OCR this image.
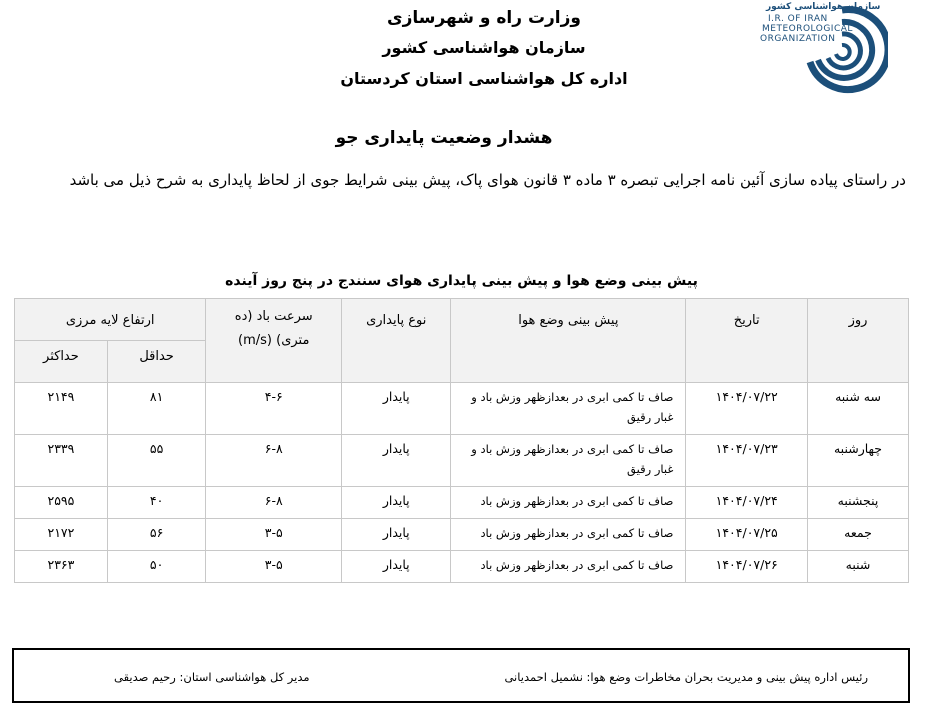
وزارت راه و شهرسازی
سازمان هواشناسی کشور
اداره کل هواشناسی استان کردستان
سازمان هواشناسی کشور
I.R. OF IRAN
METEOROLOGICAL
ORGANIZATION
هشدار وضعیت پایداری جو
در راستای پیاده سازی آئین نامه اجرایی تبصره ۳ ماده ۳ قانون هوای پاک، پیش بینی شرایط جوی از لحاظ پایداری به شرح ذیل می باشد
پیش بینی وضع هوا و پیش بینی پایداری هوای سنندج در پنج روز آینده
روز	تاریخ	پیش بینی وضع هوا	نوع پایداری	سرعت باد (ده متری) (m/s)	ارتفاع لایه مرزی	
					حداقل	حداکثر
سه شنبه	۱۴۰۴/۰۷/۲۲	صاف تا کمی ابری در بعدازظهر وزش باد و غبار رقیق	پایدار	۴-۶	۸۱	۲۱۴۹
چهارشنبه	۱۴۰۴/۰۷/۲۳	صاف تا کمی ابری در بعدازظهر وزش باد و غبار رقیق	پایدار	۶-۸	۵۵	۲۳۳۹
پنجشنبه	۱۴۰۴/۰۷/۲۴	صاف تا کمی ابری در بعدازظهر وزش باد	پایدار	۶-۸	۴۰	۲۵۹۵
جمعه	۱۴۰۴/۰۷/۲۵	صاف تا کمی ابری در بعدازظهر وزش باد	پایدار	۳-۵	۵۶	۲۱۷۲
شنبه	۱۴۰۴/۰۷/۲۶	صاف تا کمی ابری در بعدازظهر وزش باد	پایدار	۳-۵	۵۰	۲۳۶۳
رئیس اداره پیش بینی و مدیریت بحران مخاطرات وضع هوا: نشمیل احمدیانی
مدیر کل هواشناسی استان: رحیم صدیقی
